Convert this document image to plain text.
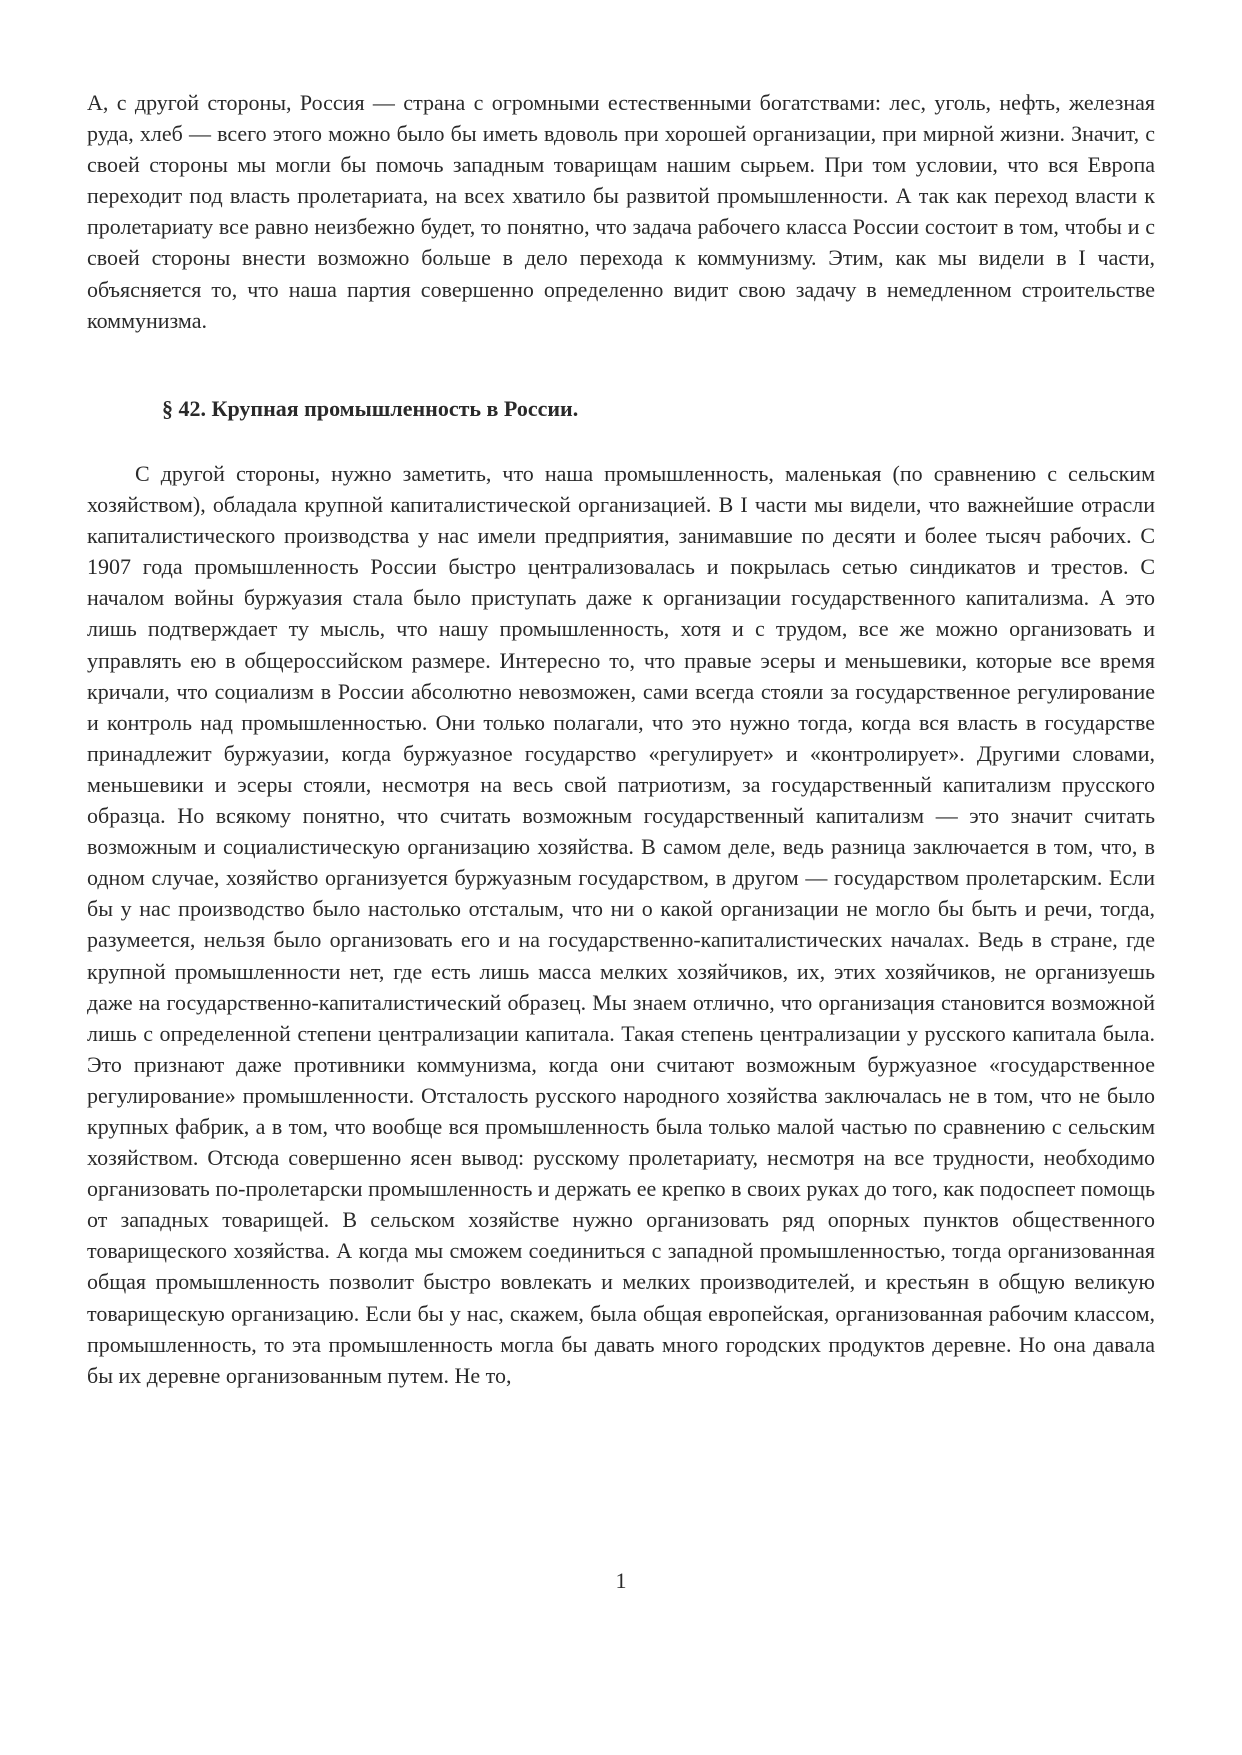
А, с другой стороны, Россия — страна с огромными естественными богатствами: лес, уголь, нефть, железная руда, хлеб — всего этого можно было бы иметь вдоволь при хорошей организации, при мирной жизни. Значит, с своей стороны мы могли бы помочь западным товарищам нашим сырьем. При том условии, что вся Европа переходит под власть пролетариата, на всех хватило бы развитой промышленности. А так как переход власти к пролетариату все равно неизбежно будет, то понятно, что задача рабочего класса России состоит в том, чтобы и с своей стороны внести возможно больше в дело перехода к коммунизму. Этим, как мы видели в I части, объясняется то, что наша партия совершенно определенно видит свою задачу в немедленном строительстве коммунизма.

§ 42. Крупная промышленность в России.

С другой стороны, нужно заметить, что наша промышленность, маленькая (по сравнению с сельским хозяйством), обладала крупной капиталистической организацией. В I части мы видели, что важнейшие отрасли капиталистического производства у нас имели предприятия, занимавшие по десяти и более тысяч рабочих. С 1907 года промышленность России быстро централизовалась и покрылась сетью синдикатов и трестов. С началом войны буржуазия стала было приступать даже к организации государственного капитализма. А это лишь подтверждает ту мысль, что нашу промышленность, хотя и с трудом, все же можно организовать и управлять ею в общероссийском размере. Интересно то, что правые эсеры и меньшевики, которые все время кричали, что социализм в России абсолютно невозможен, сами всегда стояли за государственное регулирование и контроль над промышленностью. Они только полагали, что это нужно тогда, когда вся власть в государстве принадлежит буржуазии, когда буржуазное государство «регулирует» и «контролирует». Другими словами, меньшевики и эсеры стояли, несмотря на весь свой патриотизм, за государственный капитализм прусского образца. Но всякому понятно, что считать возможным государственный капитализм — это значит считать возможным и социалистическую организацию хозяйства. В самом деле, ведь разница заключается в том, что, в одном случае, хозяйство организуется буржуазным государством, в другом — государством пролетарским. Если бы у нас производство было настолько отсталым, что ни о какой организации не могло бы быть и речи, тогда, разумеется, нельзя было организовать его и на государственно-капиталистических началах. Ведь в стране, где крупной промышленности нет, где есть лишь масса мелких хозяйчиков, их, этих хозяйчиков, не организуешь даже на государственно-капиталистический образец. Мы знаем отлично, что организация становится возможной лишь с определенной степени централизации капитала. Такая степень централизации у русского капитала была. Это признают даже противники коммунизма, когда они считают возможным буржуазное «государственное регулирование» промышленности. Отсталость русского народного хозяйства заключалась не в том, что не было крупных фабрик, а в том, что вообще вся промышленность была только малой частью по сравнению с сельским хозяйством. Отсюда совершенно ясен вывод: русскому пролетариату, несмотря на все трудности, необходимо организовать по-пролетарски промышленность и держать ее крепко в своих руках до того, как подоспеет помощь от западных товарищей. В сельском хозяйстве нужно организовать ряд опорных пунктов общественного товарищеского хозяйства. А когда мы сможем соединиться с западной промышленностью, тогда организованная общая промышленность позволит быстро вовлекать и мелких производителей, и крестьян в общую великую товарищескую организацию. Если бы у нас, скажем, была общая европейская, организованная рабочим классом, промышленность, то эта промышленность могла бы давать много городских продуктов деревне. Но она давала бы их деревне организованным путем. Не то,

1
